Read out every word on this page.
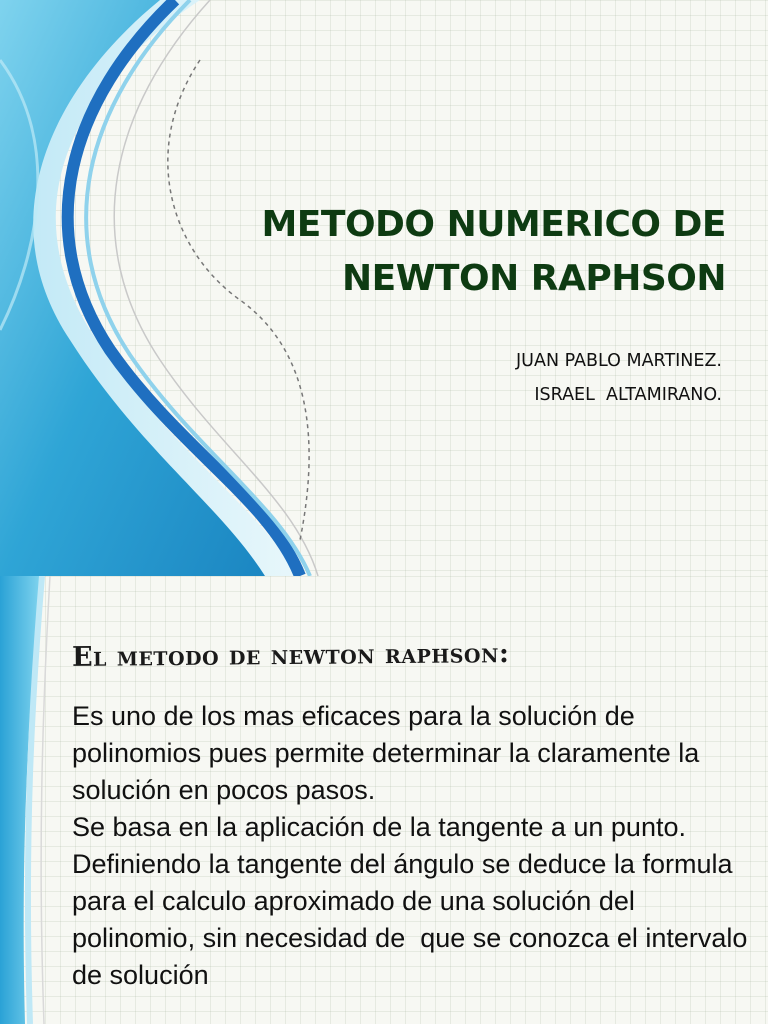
METODO NUMERICO DE
NEWTON RAPHSON
JUAN PABLO MARTINEZ.
ISRAEL  ALTAMIRANO.
El metodo de newton raphson:

Es uno de los mas eficaces para la solución de polinomios pues permite determinar la claramente la solución en pocos pasos.

Se basa en la aplicación de la tangente a un punto.

Definiendo la tangente del ángulo se deduce la formula para el calculo aproximado de una solución del polinomio, sin necesidad de  que se conozca el intervalo de solución
